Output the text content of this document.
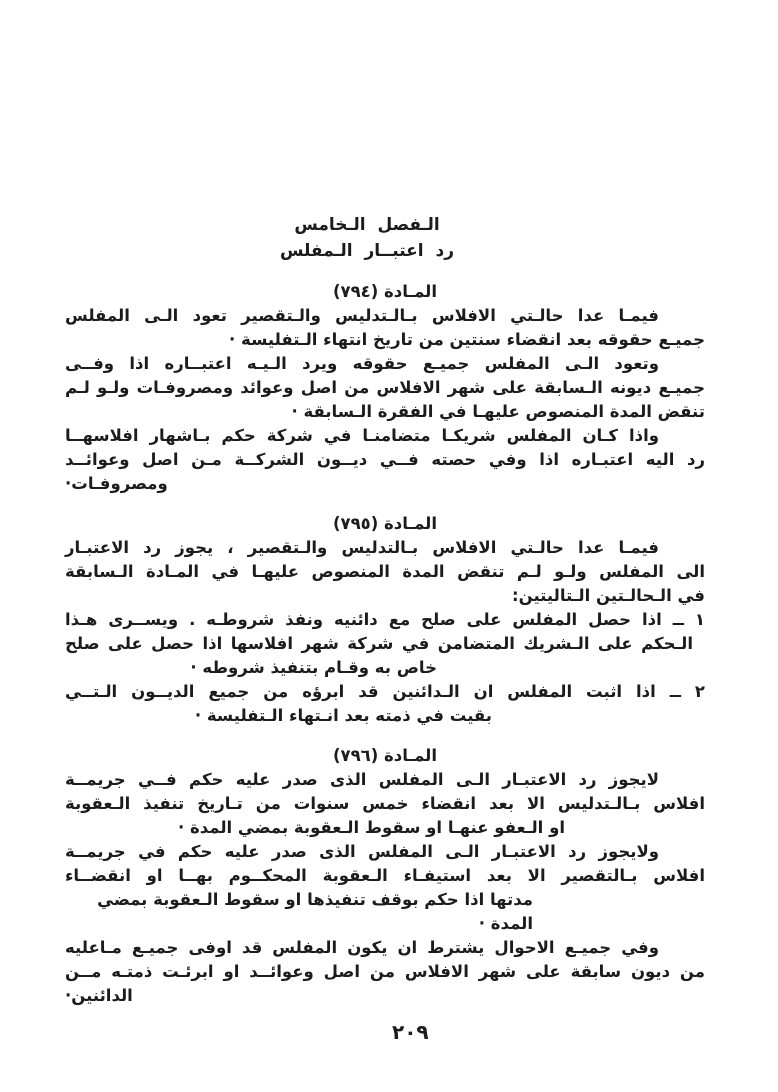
الـفصل الـخامس
رد اعتبــار الـمفلس
المـادة (٧٩٤)
فيمـا عدا حالـتي الافلاس بـالـتدليس والـتقصير تعود الـى المفلس
جميـع حقوقه بعد انقضاء سنتين من تاريخ انتهاء الـتفليسة ·
وتعود الـى المفلس جميـع حقوقه ويرد الـيـه اعتبــاره اذا وفــى
جميـع ديونه الـسابقة على شهر الافلاس من اصل وعوائد ومصروفـات ولـو لـم
تنقض المدة المنصوص عليهـا في الفقرة الـسابقة ·
واذا كـان المفلس شريكـا متضامنـا في شركة حكم بـاشهار افلاسهــا
رد اليه اعتبـاره اذا وفي حصته فــي ديــون الشركــة مـن اصل وعوائــد
ومصروفـات·
المـادة (٧٩٥)
فيمـا عدا حالـتي الافلاس بـالتدليس والـتقصير ، يجوز رد الاعتبـار
الى المفلس ولـو لـم تنقض المدة المنصوص عليهـا في المـادة الـسابقة
في الـحالـتين الـتاليتين:
١ ــ اذا حصل المفلس على صلح مع دائنيه ونفذ شروطـه . ويســرى هـذا
الـحكم على الـشريك المتضامن في شركة شهر افلاسها اذا حصل على صلح
خاص به وقـام بتنفيذ شروطه ·
٢ ــ اذا اثبت المفلس ان الـدائنين قد ابرؤه من جميع الديــون الـتــي
بقيت في ذمته بعد انـتهاء الـتفليسة ·
المـادة (٧٩٦)
لايجوز رد الاعتبـار الـى المفلس الذى صدر عليه حكم فــي جريمــة
افلاس بـالـتدليس الا بعد انقضاء خمس سنوات من تـاريخ تنفيذ الـعقوبة
او الـعفو عنهـا او سقوط الـعقوبة بمضي المدة ·
ولايجوز رد الاعتبـار الـى المفلس الذى صدر عليه حكم في جريمــة
افلاس بـالتقصير الا بعد استيفـاء الـعقوبة المحكــوم بهــا او انقضــاء
مدتها اذا حكم بوقف تنفيذها او سقوط الـعقوبة بمضي المدة ·
وفي جميـع الاحوال يشترط ان يكون المفلس قد اوفى جميـع مـاعليه
من ديون سابقة على شهر الافلاس من اصل وعوائــد او ابرئـت ذمتـه مــن
الدائنين·
٢٠٩
